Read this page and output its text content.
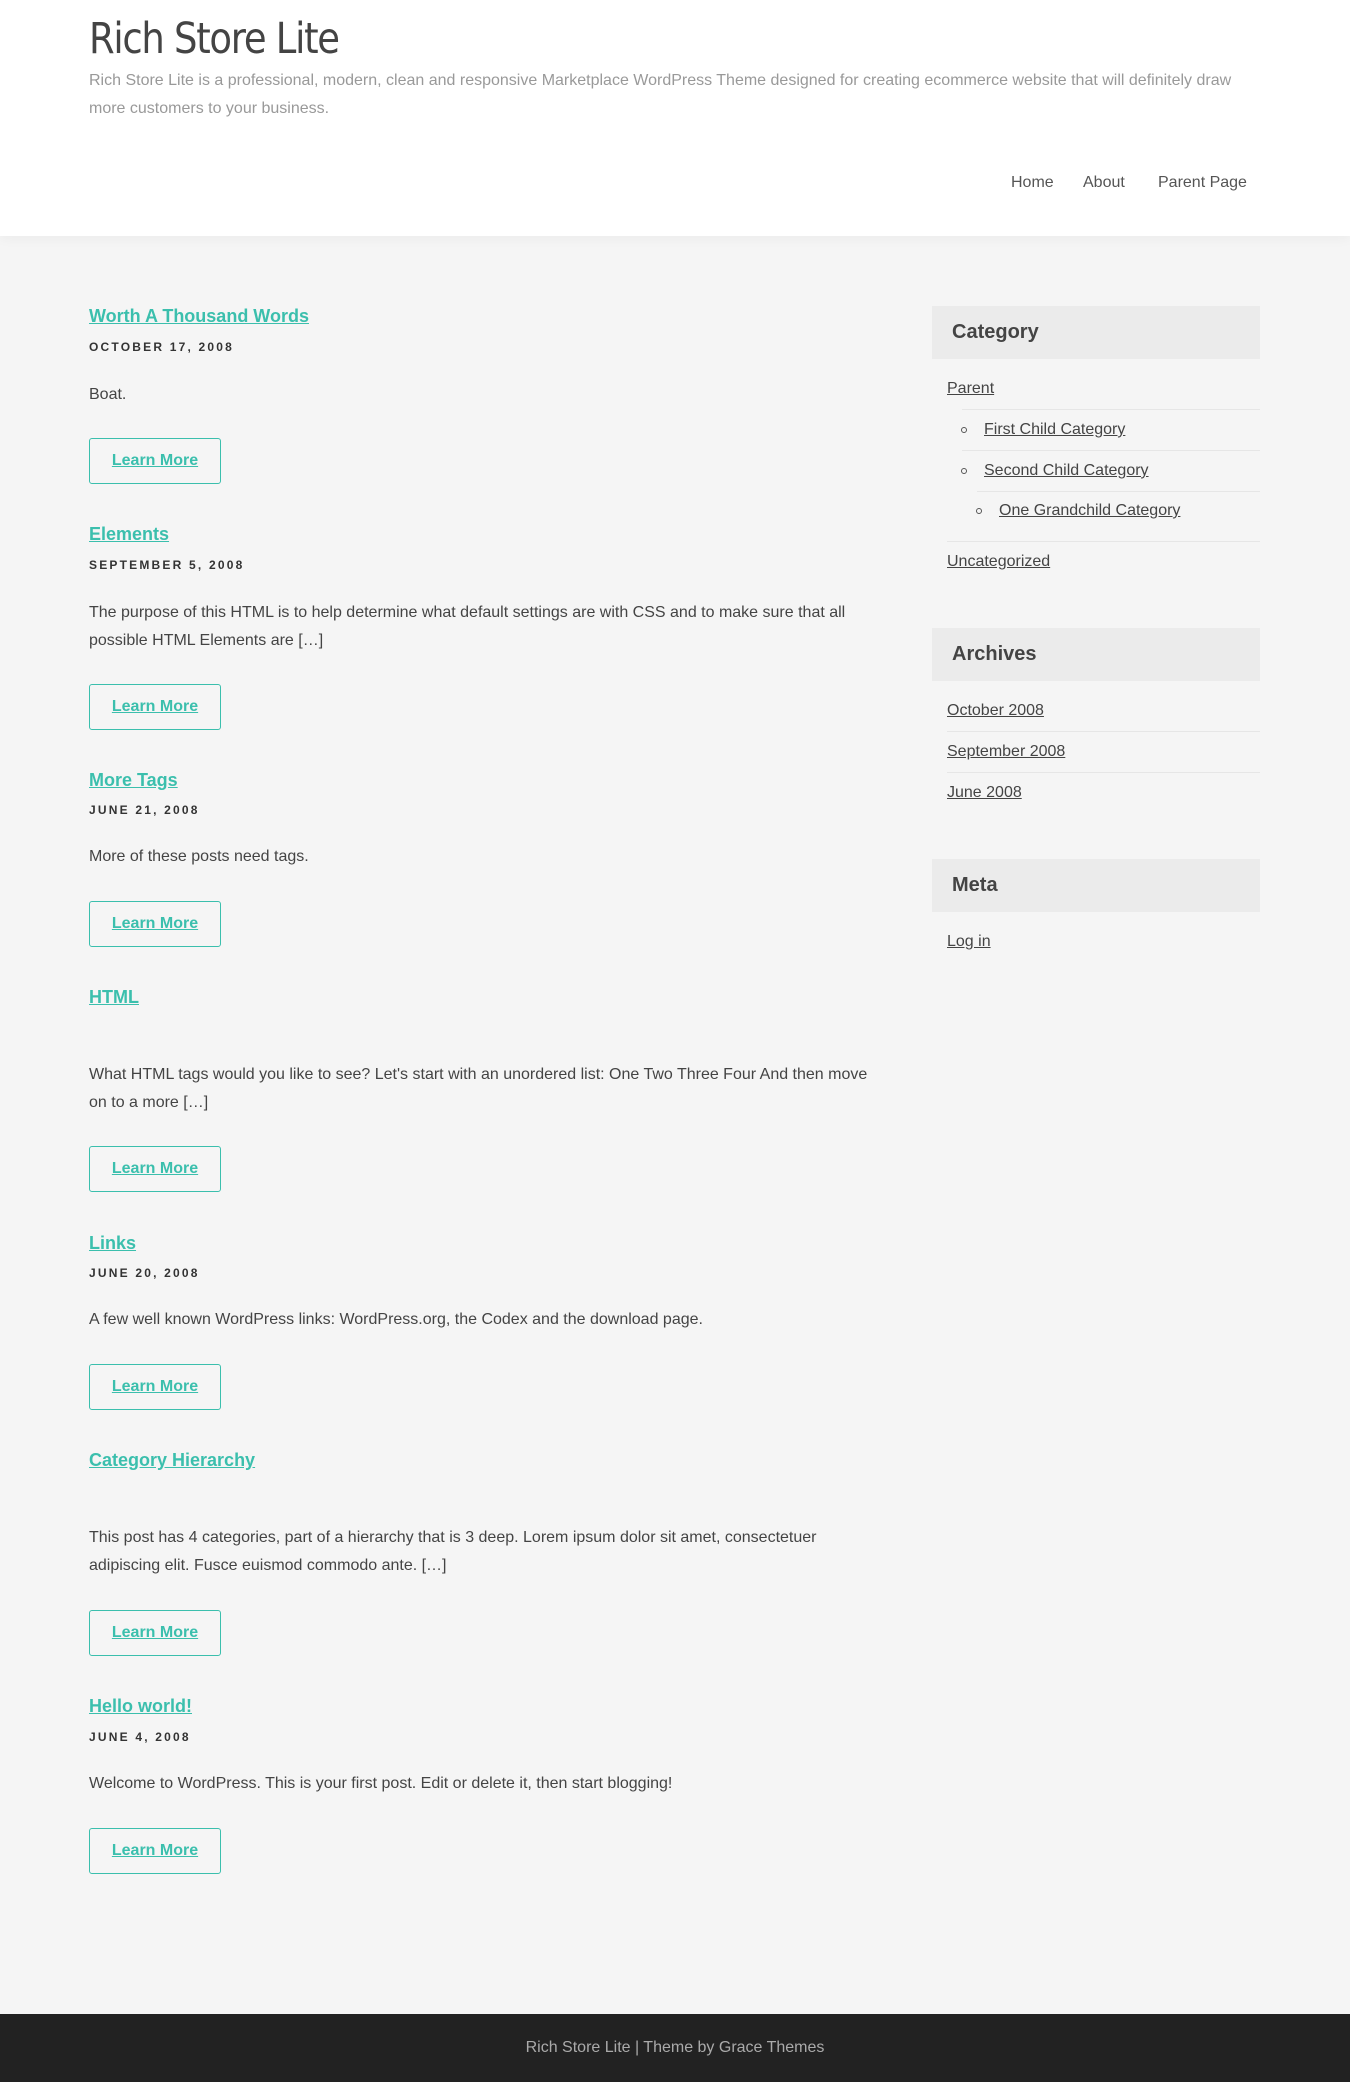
Rich Store Lite
Rich Store Lite is a professional, modern, clean and responsive Marketplace WordPress Theme designed for creating ecommerce website that will definitely draw more customers to your business.
Home About Parent Page
Worth A Thousand Words
OCTOBER 17, 2008

Boat.

Learn More
Elements
SEPTEMBER 5, 2008

The purpose of this HTML is to help determine what default settings are with CSS and to make sure that all possible HTML Elements are […]

Learn More
More Tags
JUNE 21, 2008

More of these posts need tags.

Learn More
HTML

What HTML tags would you like to see? Let's start with an unordered list: One Two Three Four And then move on to a more […]

Learn More
Links
JUNE 20, 2008

A few well known WordPress links: WordPress.org, the Codex and the download page.

Learn More
Category Hierarchy

This post has 4 categories, part of a hierarchy that is 3 deep. Lorem ipsum dolor sit amet, consectetuer adipiscing elit. Fusce euismod commodo ante. […]

Learn More
Hello world!
JUNE 4, 2008

Welcome to WordPress. This is your first post. Edit or delete it, then start blogging!

Learn More
Category
Parent
First Child Category
Second Child Category
One Grandchild Category
Uncategorized
Archives
October 2008
September 2008
June 2008
Meta
Log in
Rich Store Lite | Theme by Grace Themes
